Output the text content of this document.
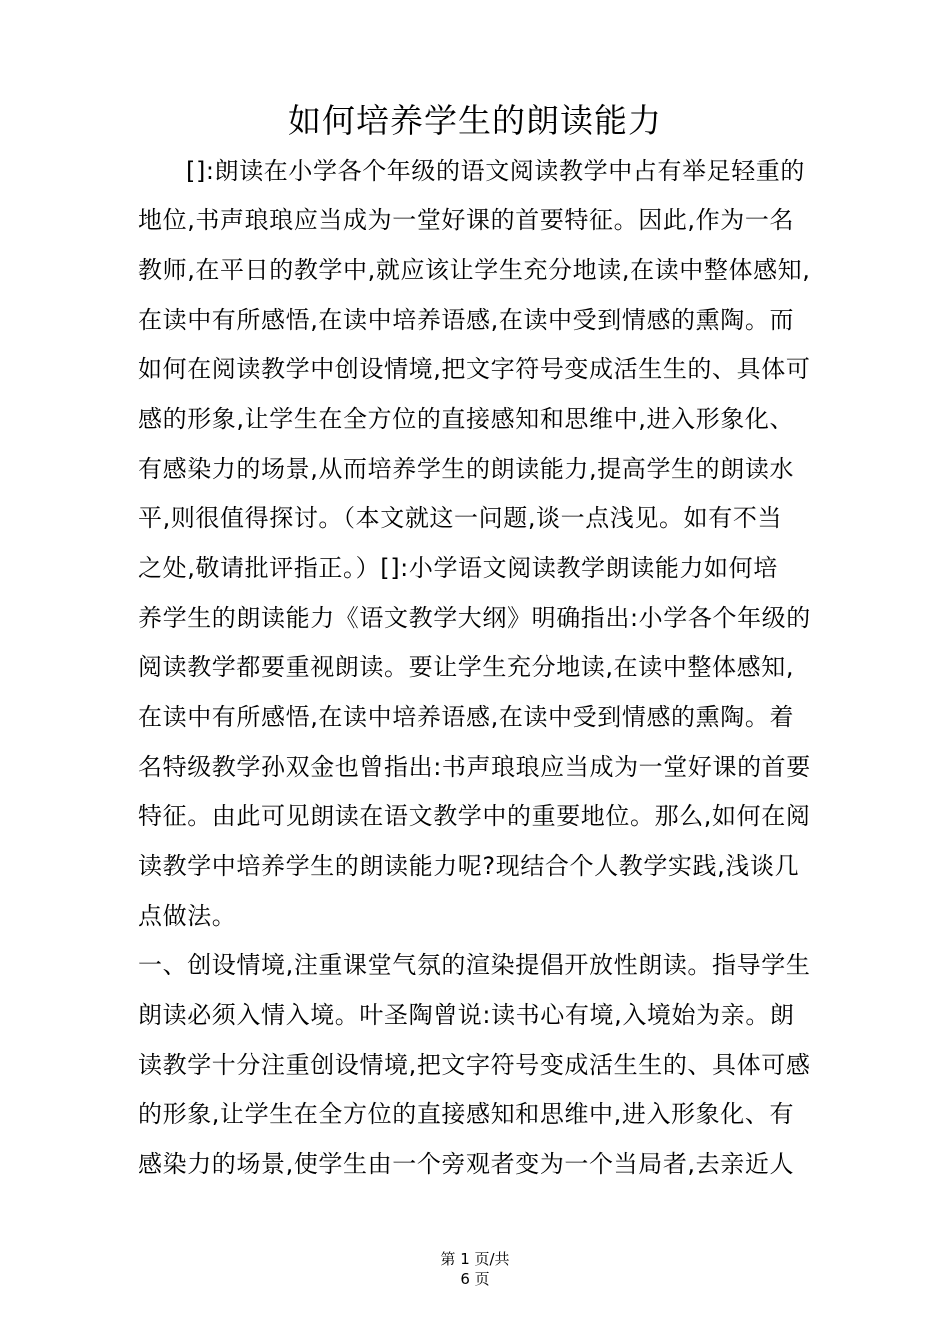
如何培养学生的朗读能力
[]:朗读在小学各个年级的语文阅读教学中占有举足轻重的
地位,书声琅琅应当成为一堂好课的首要特征。因此,作为一名
教师,在平日的教学中,就应该让学生充分地读,在读中整体感知,
在读中有所感悟,在读中培养语感,在读中受到情感的熏陶。而
如何在阅读教学中创设情境,把文字符号变成活生生的、具体可
感的形象,让学生在全方位的直接感知和思维中,进入形象化、
有感染力的场景,从而培养学生的朗读能力,提高学生的朗读水
平,则很值得探讨。（本文就这一问题,谈一点浅见。如有不当
之处,敬请批评指正。）[]:小学语文阅读教学朗读能力如何培
养学生的朗读能力《语文教学大纲》明确指出:小学各个年级的
阅读教学都要重视朗读。要让学生充分地读,在读中整体感知,
在读中有所感悟,在读中培养语感,在读中受到情感的熏陶。着
名特级教学孙双金也曾指出:书声琅琅应当成为一堂好课的首要
特征。由此可见朗读在语文教学中的重要地位。那么,如何在阅
读教学中培养学生的朗读能力呢?现结合个人教学实践,浅谈几
点做法。
一、创设情境,注重课堂气氛的渲染提倡开放性朗读。指导学生
朗读必须入情入境。叶圣陶曾说:读书心有境,入境始为亲。朗
读教学十分注重创设情境,把文字符号变成活生生的、具体可感
的形象,让学生在全方位的直接感知和思维中,进入形象化、有
感染力的场景,使学生由一个旁观者变为一个当局者,去亲近人
第 1 页/共
6 页
